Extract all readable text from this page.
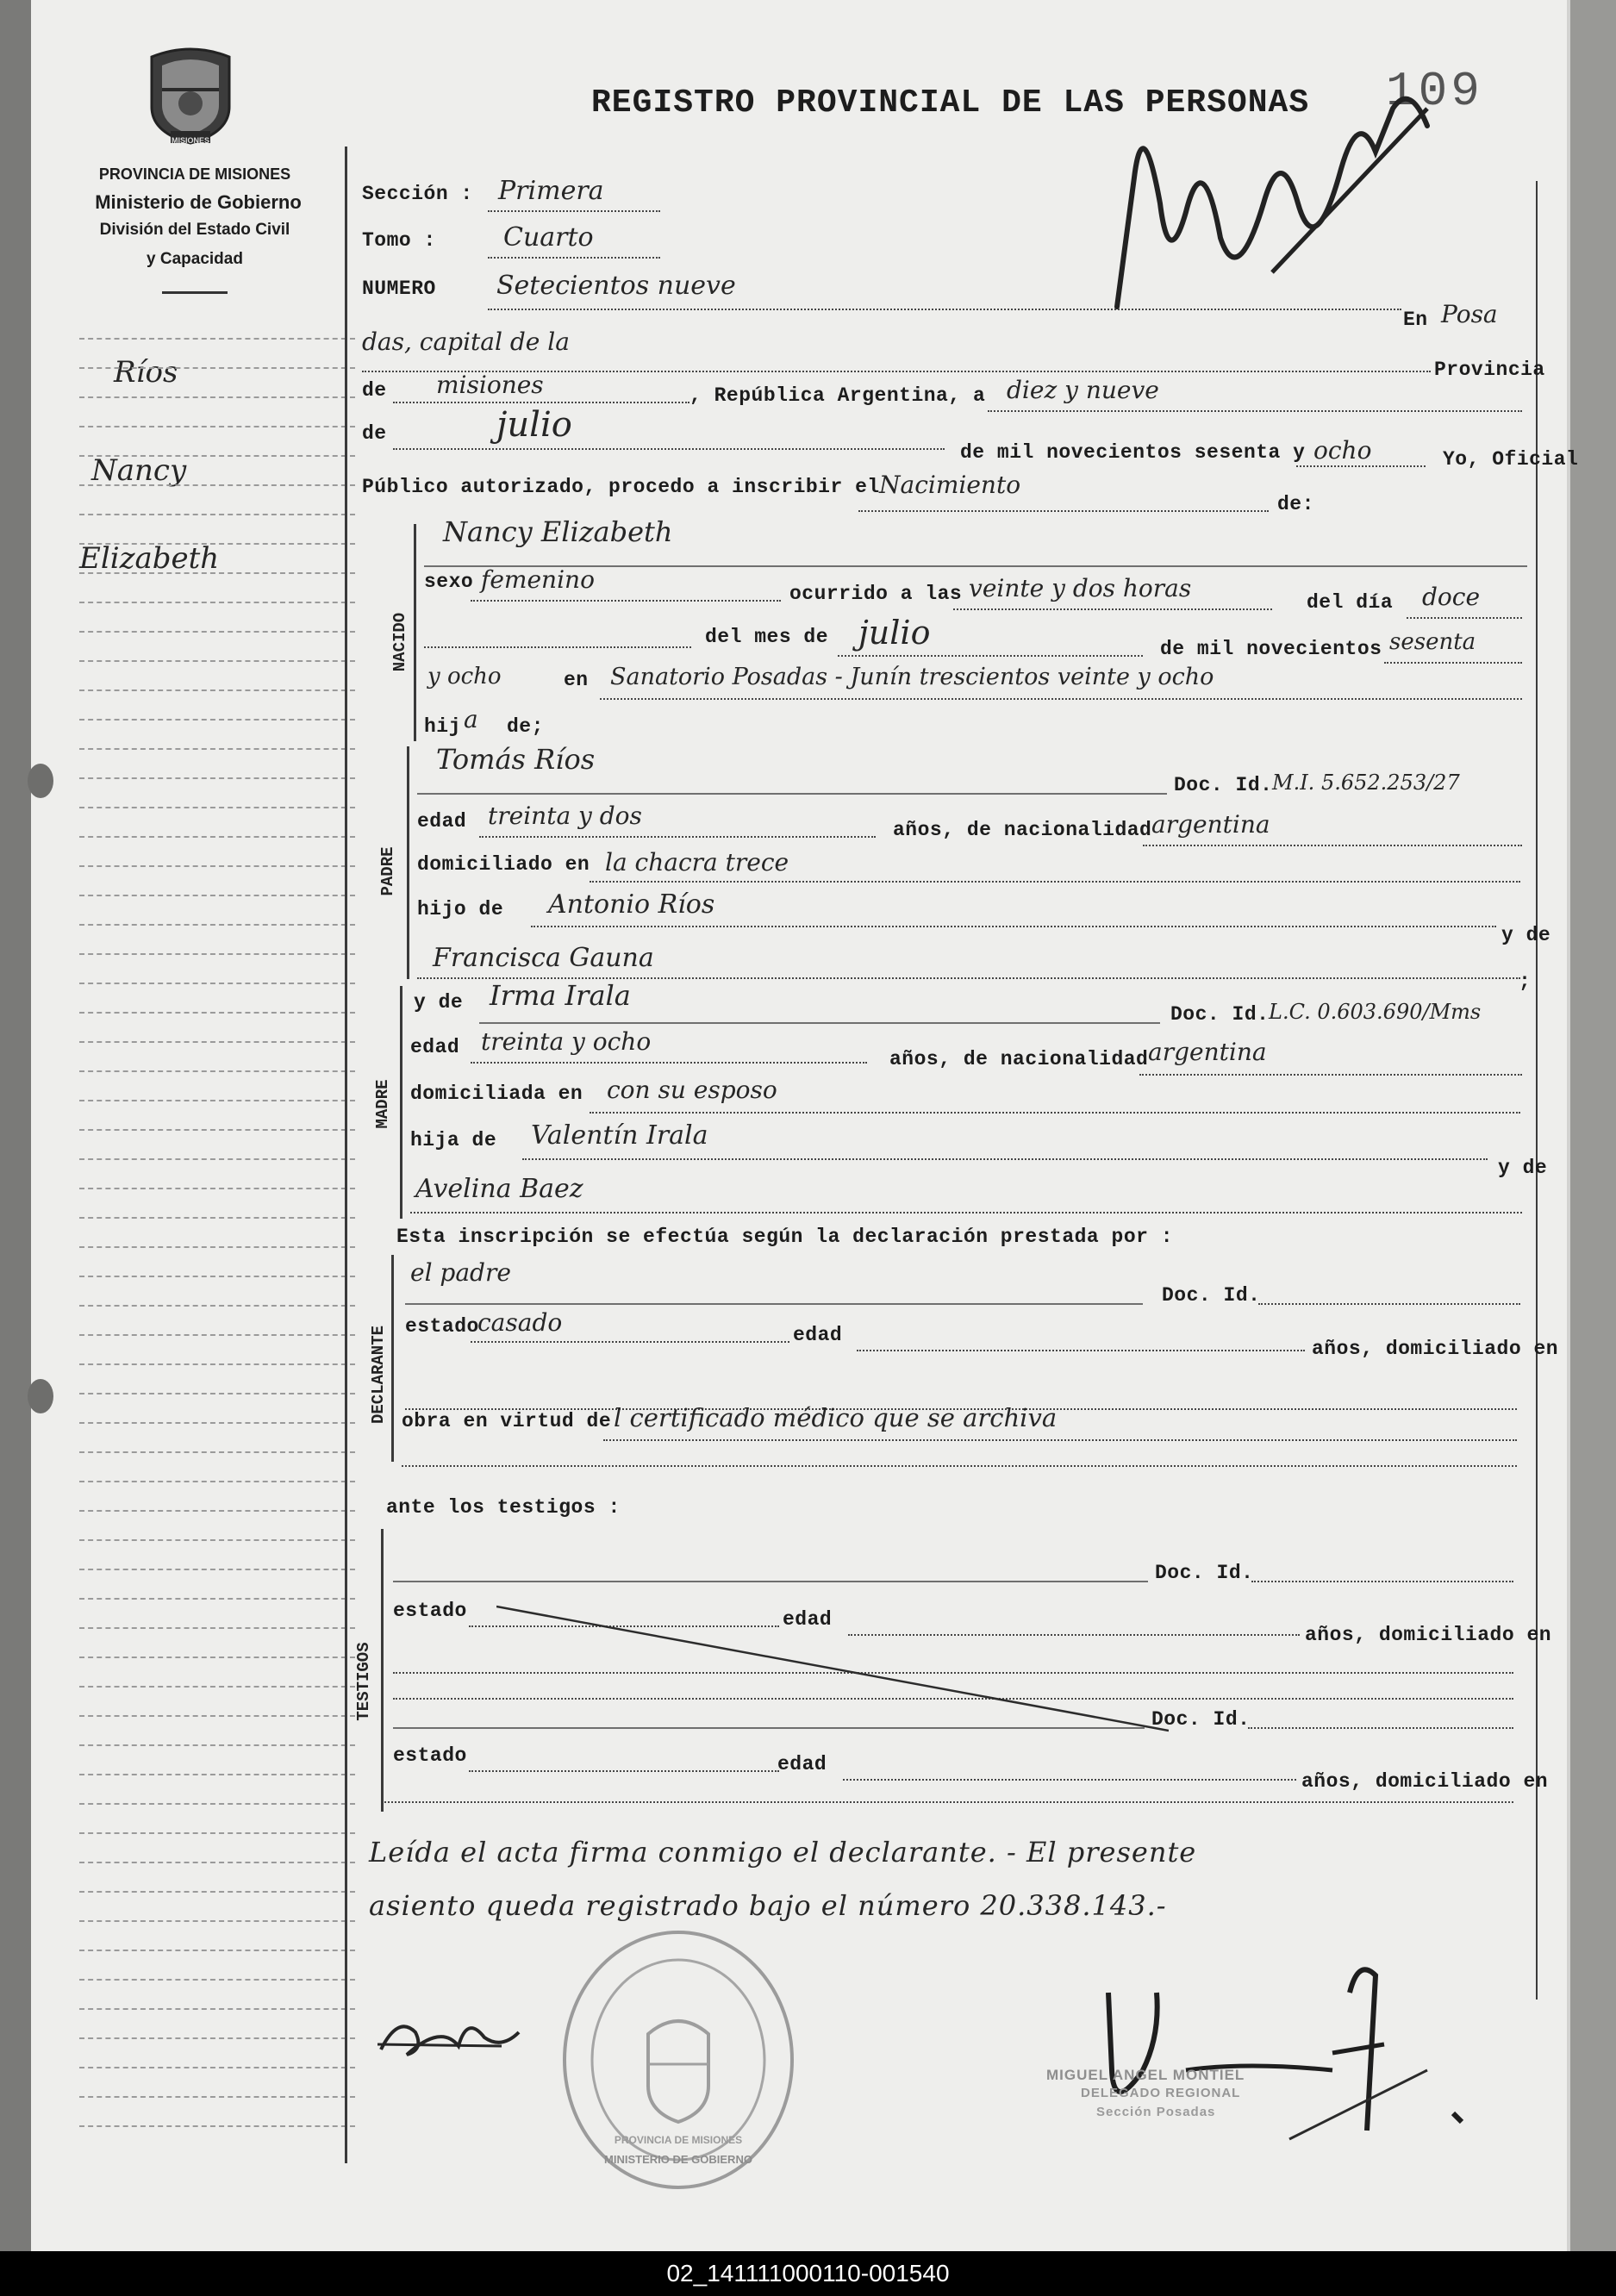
MISIONES
PROVINCIA DE MISIONES
Ministerio de Gobierno
División del Estado Civil
y Capacidad
Ríos
Nancy
Elizabeth
REGISTRO PROVINCIAL DE LAS PERSONAS	109
Sección : Primera
Tomo :	Cuarto
NUMERO Setecientos nueve
En Posa
das, capital de la
Provincia
de misiones	, República Argentina, a diez y nueve
de	julio
de mil novecientos sesenta y ocho	Yo, Oficial
Público autorizado, procedo a inscribir el Nacimiento
de:
NACIDO
Nancy Elizabeth
sexo femenino	ocurrido a las veinte y dos horas	del día doce
del mes de julio	de mil novecientos sesenta
y ocho	en Sanatorio Posadas - Junín trescientos veinte y ocho
hij a de;
PADRE
Tomás Ríos
Doc. Id. M.I. 5.652.253/27
edad treinta y dos	años, de nacionalidad argentina
domiciliado en la chacra trece
hijo de Antonio Ríos
y de
Francisca Gauna
;
MADRE
y de Irma Irala
Doc. Id. L.C. 0.603.690/Mms
edad treinta y ocho
años, de nacionalidad argentina
domiciliada en con su esposo
hija de Valentín Irala
y de
Avelina Baez
Esta inscripción se efectúa según la declaración prestada por :
DECLARANTE
el padre
Doc. Id.
estado
casado	edad
años, domiciliado en
obra en virtud de l certificado médico que se archiva
ante los testigos :
TESTIGOS
Doc. Id.
estado	edad
años, domiciliado en
Doc. Id.
estado	edad
años, domiciliado en
Leída el acta firma conmigo el declarante. - El presente
asiento queda registrado bajo el número 20.338.143.-
MINISTERIO DE GOBIERNO
PROVINCIA DE MISIONES
MIGUEL ANGEL MONTIEL
DELEGADO REGIONAL
Sección Posadas
02_141111000110-001540
